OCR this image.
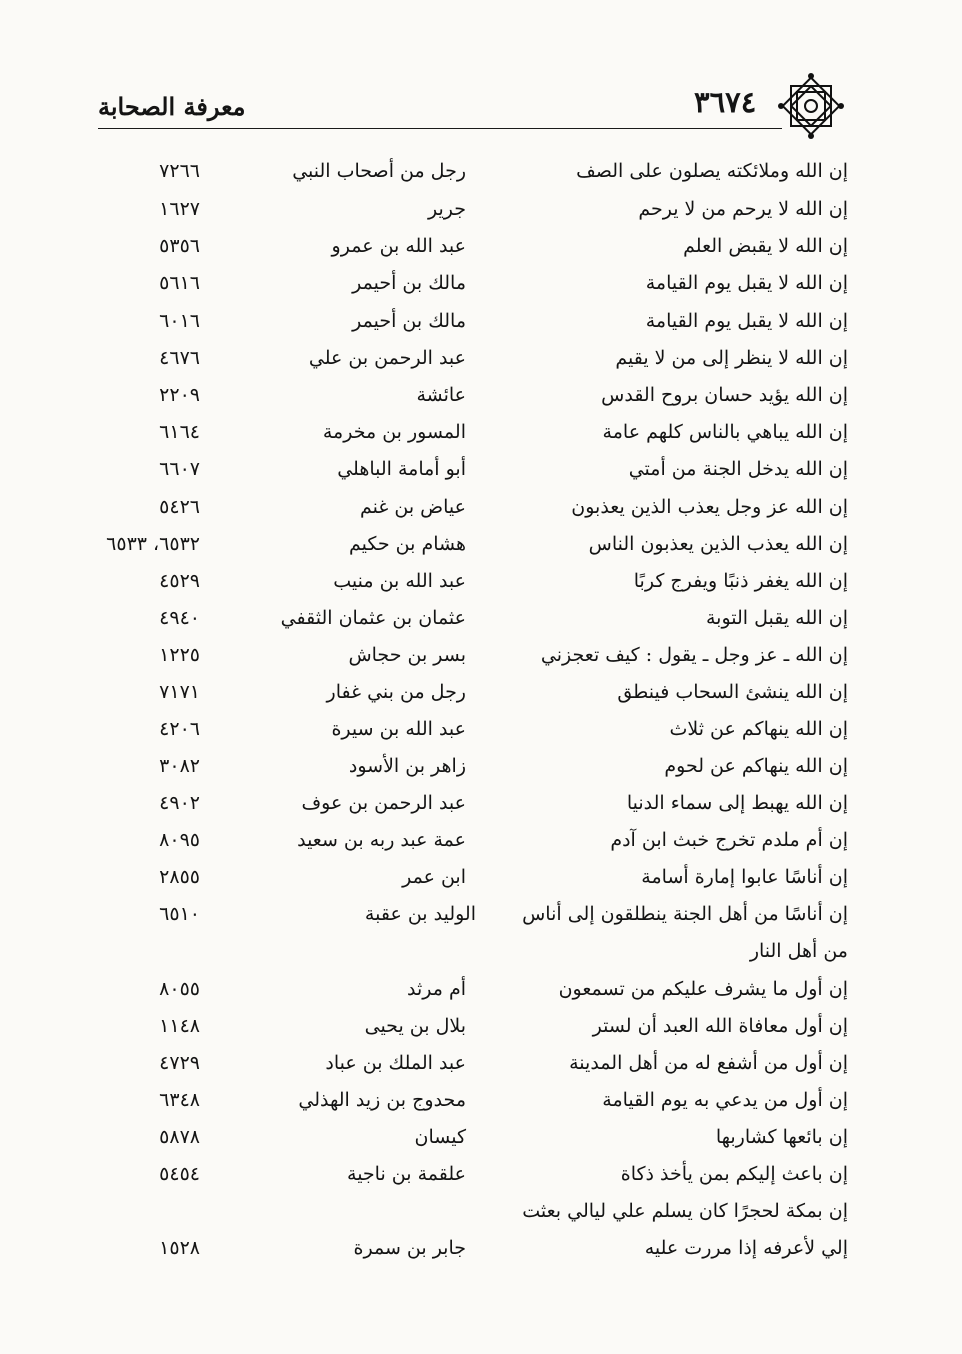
معرفة الصحابة	٣٦٧٤
إن الله وملائكته يصلون على الصف
رجل من أصحاب النبي
٧٢٦٦
إن الله لا يرحم من لا يرحم
جرير
١٦٢٧
إن الله لا يقبض العلم
عبد الله بن عمرو
٥٣٥٦
إن الله لا يقبل يوم القيامة
مالك بن أحيمر
٥٦١٦
إن الله لا يقبل يوم القيامة
مالك بن أحيمر
٦٠١٦
إن الله لا ينظر إلى من لا يقيم
عبد الرحمن بن علي
٤٦٧٦
إن الله يؤيد حسان بروح القدس
عائشة
٢٢٠٩
إن الله يباهي بالناس كلهم عامة
المسور بن مخرمة
٦١٦٤
إن الله يدخل الجنة من أمتي
أبو أمامة الباهلي
٦٦٠٧
إن الله عز وجل يعذب الذين يعذبون
عياض بن غنم
٥٤٢٦
إن الله يعذب الذين يعذبون الناس
هشام بن حكيم
٦٥٣٢، ٦٥٣٣
إن الله يغفر ذنبًا ويفرج كربًا
عبد الله بن منيب
٤٥٢٩
إن الله يقبل التوبة
عثمان بن عثمان الثقفي
٤٩٤٠
إن الله ـ عز وجل ـ يقول : كيف تعجزني
بسر بن حجاش
١٢٢٥
إن الله ينشئ السحاب فينطق
رجل من بني غفار
٧١٧١
إن الله ينهاكم عن ثلاث
عبد الله بن سيرة
٤٢٠٦
إن الله ينهاكم عن لحوم
زاهر بن الأسود
٣٠٨٢
إن الله يهبط إلى سماء الدنيا
عبد الرحمن بن عوف
٤٩٠٢
إن أم ملدم تخرج خبث ابن آدم
عمة عبد ربه بن سعيد
٨٠٩٥
إن أناسًا عابوا إمارة أسامة
ابن عمر
٢٨٥٥
إن أناسًا من أهل الجنة ينطلقون إلى أناس
الوليد بن عقبة
٦٥١٠
من أهل النار
إن أول ما يشرف عليكم من تسمعون
أم مرثد
٨٠٥٥
إن أول معافاة الله العبد أن لستر
بلال بن يحيى
١١٤٨
إن أول من أشفع له من أهل المدينة
عبد الملك بن عباد
٤٧٢٩
إن أول من يدعي به يوم القيامة
محدوج بن زيد الهذلي
٦٣٤٨
إن بائعها كشاربها
كيسان
٥٨٧٨
إن باعث إليكم بمن يأخذ ذكاة
علقمة بن ناجية
٥٤٥٤
إن بمكة لحجرًا كان يسلم علي ليالي بعثت
إلي لأعرفه إذا مررت عليه
جابر بن سمرة
١٥٢٨
